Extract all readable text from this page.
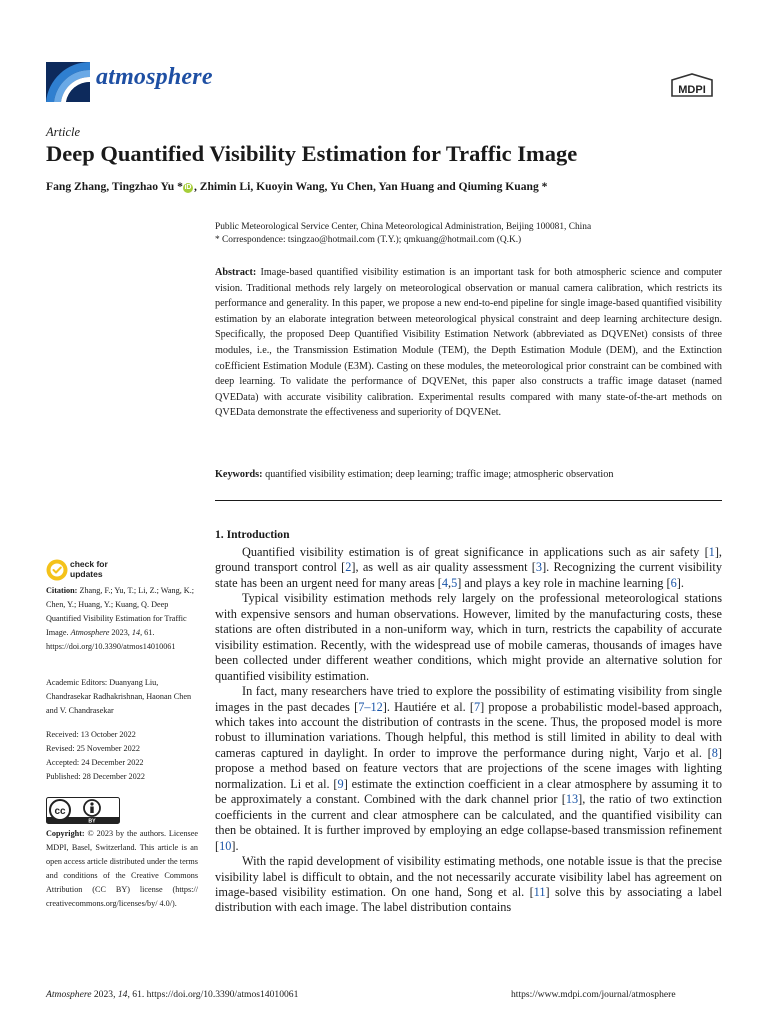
atmosphere	MDPI
Article
Deep Quantified Visibility Estimation for Traffic Image
Fang Zhang, Tingzhao Yu * iD , Zhimin Li, Kuoyin Wang, Yu Chen, Yan Huang and Qiuming Kuang *
Public Meteorological Service Center, China Meteorological Administration, Beijing 100081, China
* Correspondence: tsingzao@hotmail.com (T.Y.); qmkuang@hotmail.com (Q.K.)
Abstract: Image-based quantified visibility estimation is an important task for both atmospheric science and computer vision. Traditional methods rely largely on meteorological observation or manual camera calibration, which restricts its performance and generality. In this paper, we propose a new end-to-end pipeline for single image-based quantified visibility estimation by an elaborate integration between meteorological physical constraint and deep learning architecture design. Specifically, the proposed Deep Quantified Visibility Estimation Network (abbreviated as DQVENet) consists of three modules, i.e., the Transmission Estimation Module (TEM), the Depth Estimation Module (DEM), and the Extinction coEfficient Estimation Module (E3M). Casting on these modules, the meteorological prior constraint can be combined with deep learning. To validate the performance of DQVENet, this paper also constructs a traffic image dataset (named QVEData) with accurate visibility calibration. Experimental results compared with many state-of-the-art methods on QVEData demonstrate the effectiveness and superiority of DQVENet.
Keywords: quantified visibility estimation; deep learning; traffic image; atmospheric observation
1. Introduction

Quantified visibility estimation is of great significance in applications such as air safety [1], ground transport control [2], as well as air quality assessment [3]. Recognizing the current visibility state has been an urgent need for many areas [4,5] and plays a key role in machine learning [6].

Typical visibility estimation methods rely largely on the professional meteorological stations with expensive sensors and human observations. However, limited by the manufacturing costs, these stations are often distributed in a non-uniform way, which in turn, restricts the capability of accurate visibility estimation. Recently, with the widespread use of mobile cameras, thousands of images have been collected under different weather conditions, which might provide an alternative solution for quantified visibility estimation.

In fact, many researchers have tried to explore the possibility of estimating visibility from single images in the past decades [7–12]. Hautiére et al. [7] propose a probabilistic model-based approach, which takes into account the distribution of contrasts in the scene. Thus, the proposed model is more robust to illumination variations. Though helpful, this method is still limited in ability to deal with cameras captured in daylight. In order to improve the performance during night, Varjo et al. [8] propose a method based on feature vectors that are projections of the scene images with lighting normalization. Li et al. [9] estimate the extinction coefficient in a clear atmosphere by assuming it to be approximately a constant. Combined with the dark channel prior [13], the ratio of two extinction coefficients in the current and clear atmosphere can be calculated, and the quantified visibility can then be obtained. It is further improved by employing an edge collapse-based transmission refinement [10].

With the rapid development of visibility estimating methods, one notable issue is that the precise visibility label is difficult to obtain, and the not necessarily accurate visibility label has agreement on image-based visibility estimation. On one hand, Song et al. [11] solve this by associating a label distribution with each image. The label distribution contains

check for
updates
Citation: Zhang, F.; Yu, T.; Li, Z.; Wang, K.; Chen, Y.; Huang, Y.; Kuang, Q. Deep Quantified Visibility Estimation for Traffic Image. Atmosphere 2023, 14, 61. https://doi.org/10.3390/atmos14010061
Academic Editors: Duanyang Liu, Chandrasekar Radhakrishnan, Haonan Chen and V. Chandrasekar
Received: 13 October 2022
Revised: 25 November 2022
Accepted: 24 December 2022
Published: 28 December 2022
cc
BY
Copyright: © 2023 by the authors. Licensee MDPI, Basel, Switzerland. This article is an open access article distributed under the terms and conditions of the Creative Commons Attribution (CC BY) license (https:// creativecommons.org/licenses/by/ 4.0/).
Atmosphere 2023, 14, 61. https://doi.org/10.3390/atmos14010061	https://www.mdpi.com/journal/atmosphere
